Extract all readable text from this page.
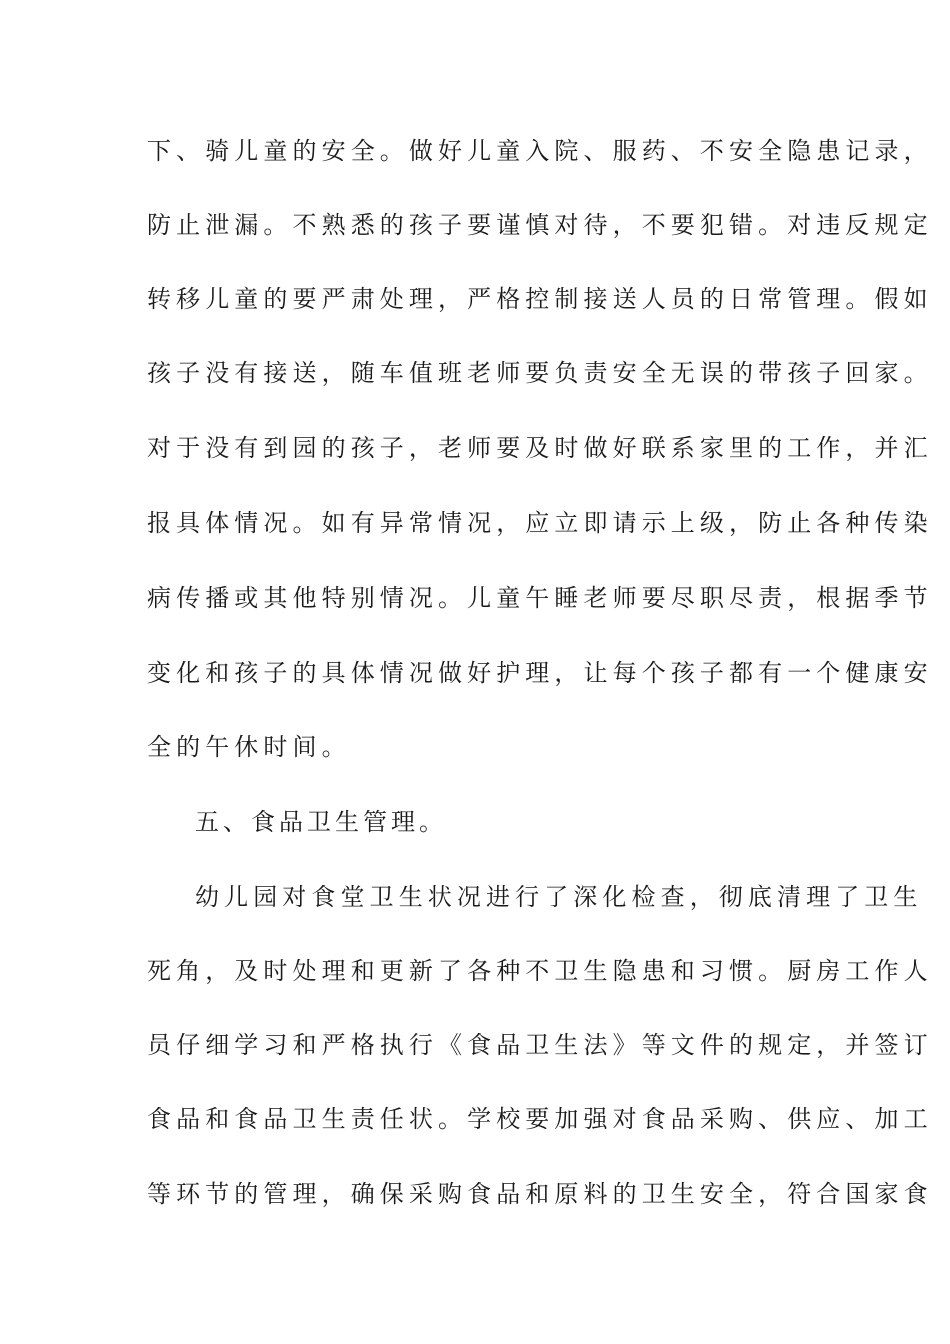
下、骑儿童的安全。做好儿童入院、服药、不安全隐患记录，
防止泄漏。不熟悉的孩子要谨慎对待，不要犯错。对违反规定
转移儿童的要严肃处理，严格控制接送人员的日常管理。假如
孩子没有接送，随车值班老师要负责安全无误的带孩子回家。
对于没有到园的孩子，老师要及时做好联系家里的工作，并汇
报具体情况。如有异常情况，应立即请示上级，防止各种传染
病传播或其他特别情况。儿童午睡老师要尽职尽责，根据季节
变化和孩子的具体情况做好护理，让每个孩子都有一个健康安
全的午休时间。
五、食品卫生管理。
幼儿园对食堂卫生状况进行了深化检查，彻底清理了卫生
死角，及时处理和更新了各种不卫生隐患和习惯。厨房工作人
员仔细学习和严格执行《食品卫生法》等文件的规定，并签订
食品和食品卫生责任状。学校要加强对食品采购、供应、加工
等环节的管理，确保采购食品和原料的卫生安全，符合国家食
